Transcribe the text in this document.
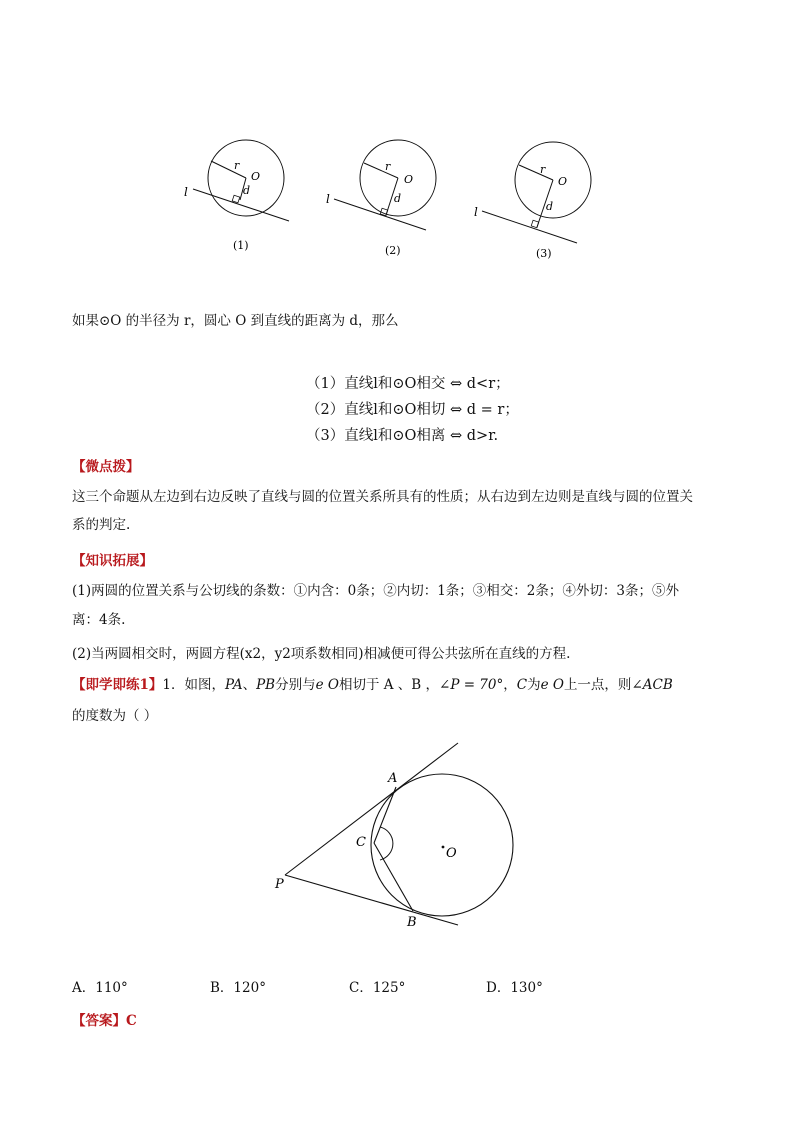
r
O
d
l
(1)
r
O
d
l
(2)
r
O
d
l
(3)
如果⊙O 的半径为 r，圆心 O 到直线的距离为 d，那么
（1）直线l和⊙O相交 ⇔ d<r；
（2）直线l和⊙O相切 ⇔ d = r；
（3）直线l和⊙O相离 ⇔ d>r.
【微点拨】
这三个命题从左边到右边反映了直线与圆的位置关系所具有的性质；从右边到左边则是直线与圆的位置关
系的判定.
【知识拓展】
(1)两圆的位置关系与公切线的条数：①内含：0条；②内切：1条；③相交：2条；④外切：3条；⑤外
离：4条.
(2)当两圆相交时，两圆方程(x2，y2项系数相同)相减便可得公共弦所在直线的方程.
【即学即练1】1．如图，PA、PB分别与e O相切于 A 、B ，∠P = 70°，C为e O上一点，则∠ACB
的度数为（ ）
A
C
O
P
B
A．110°	B．120°	C．125°	D．130°
【答案】C
